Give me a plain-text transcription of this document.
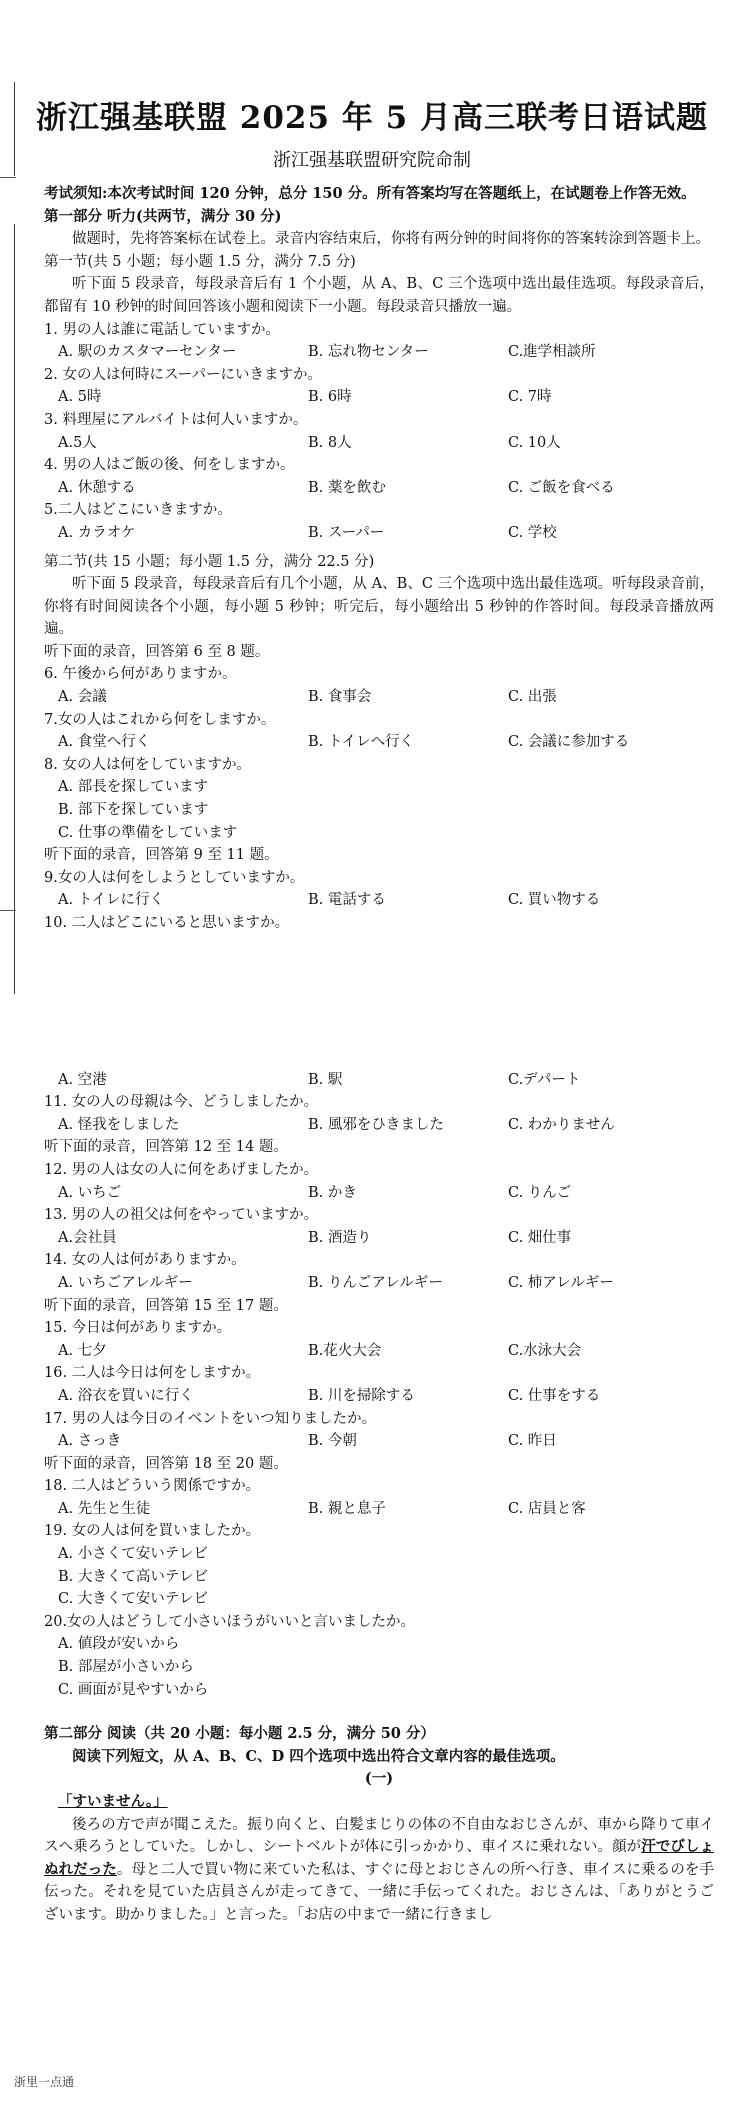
浙江强基联盟 2025 年 5 月高三联考日语试题
浙江强基联盟研究院命制
考试须知:本次考试时间 120 分钟，总分 150 分。所有答案均写在答题纸上，在试题卷上作答无效。
第一部分 听力(共两节，满分 30 分)
做题时，先将答案标在试卷上。录音内容结束后，你将有两分钟的时间将你的答案转涂到答题卡上。
第一节(共 5 小题；每小题 1.5 分，满分 7.5 分)
听下面 5 段录音，每段录音后有 1 个小题，从 A、B、C 三个选项中选出最佳选项。每段录音后，都留有 10 秒钟的时间回答该小题和阅读下一小题。每段录音只播放一遍。
1. 男の人は誰に電話していますか。
A. 駅のカスタマーセンター	B. 忘れ物センター	C.進学相談所
2. 女の人は何時にスーパーにいきますか。
A. 5時	B. 6時	C. 7時
3. 料理屋にアルバイトは何人いますか。
A.5人	B. 8人	C. 10人
4. 男の人はご飯の後、何をしますか。
A. 休憩する	B. 薬を飲む	C. ご飯を食べる
5.二人はどこにいきますか。
A. カラオケ	B. スーパー	C. 学校
第二节(共 15 小题；每小题 1.5 分，满分 22.5 分)
听下面 5 段录音，每段录音后有几个小题，从 A、B、C 三个选项中选出最佳选项。听每段录音前，你将有时间阅读各个小题，每小题 5 秒钟；听完后，每小题给出 5 秒钟的作答时间。每段录音播放两遍。
听下面的录音，回答第 6 至 8 题。
6. 午後から何がありますか。
A. 会議	B. 食事会	C. 出張
7.女の人はこれから何をしますか。
A. 食堂へ行く	B. トイレへ行く	C. 会議に参加する
8. 女の人は何をしていますか。
A. 部長を探しています
B. 部下を探しています
C. 仕事の準備をしています
听下面的录音，回答第 9 至 11 题。
9.女の人は何をしようとしていますか。
A. トイレに行く	B. 電話する	C. 買い物する
10. 二人はどこにいると思いますか。
A. 空港	B. 駅	C.デパート
11. 女の人の母親は今、どうしましたか。
A. 怪我をしました	B. 風邪をひきました	C. わかりません
听下面的录音，回答第 12 至 14 题。
12. 男の人は女の人に何をあげましたか。
A. いちご	B. かき	C. りんご
13. 男の人の祖父は何をやっていますか。
A.会社員	B. 酒造り	C. 畑仕事
14. 女の人は何がありますか。
A. いちごアレルギー	B. りんごアレルギー	C. 柿アレルギー
听下面的录音，回答第 15 至 17 题。
15. 今日は何がありますか。
A. 七夕	B.花火大会	C.水泳大会
16. 二人は今日は何をしますか。
A. 浴衣を買いに行く	B. 川を掃除する	C. 仕事をする
17. 男の人は今日のイベントをいつ知りましたか。
A. さっき	B. 今朝	C. 昨日
听下面的录音，回答第 18 至 20 题。
18. 二人はどういう関係ですか。
A. 先生と生徒	B. 親と息子	C. 店員と客
19. 女の人は何を買いましたか。
A. 小さくて安いテレビ
B. 大きくて高いテレビ
C. 大きくて安いテレビ
20.女の人はどうして小さいほうがいいと言いましたか。
A. 値段が安いから
B. 部屋が小さいから
C. 画面が見やすいから
第二部分 阅读（共 20 小题：每小题 2.5 分，满分 50 分）
阅读下列短文，从 A、B、C、D 四个选项中选出符合文章内容的最佳选项。
(一)
「すいません。」
後ろの方で声が聞こえた。振り向くと、白髪まじりの体の不自由なおじさんが、車から降りて車イスへ乗ろうとしていた。しかし、シートベルトが体に引っかかり、車イスに乗れない。顔が汗でびしょぬれだった。母と二人で買い物に来ていた私は、すぐに母とおじさんの所へ行き、車イスに乗るのを手伝った。それを見ていた店員さんが走ってきて、一緒に手伝ってくれた。おじさんは、「ありがとうございます。助かりました。」と言った。「お店の中まで一緒に行きまし
浙里一点通
